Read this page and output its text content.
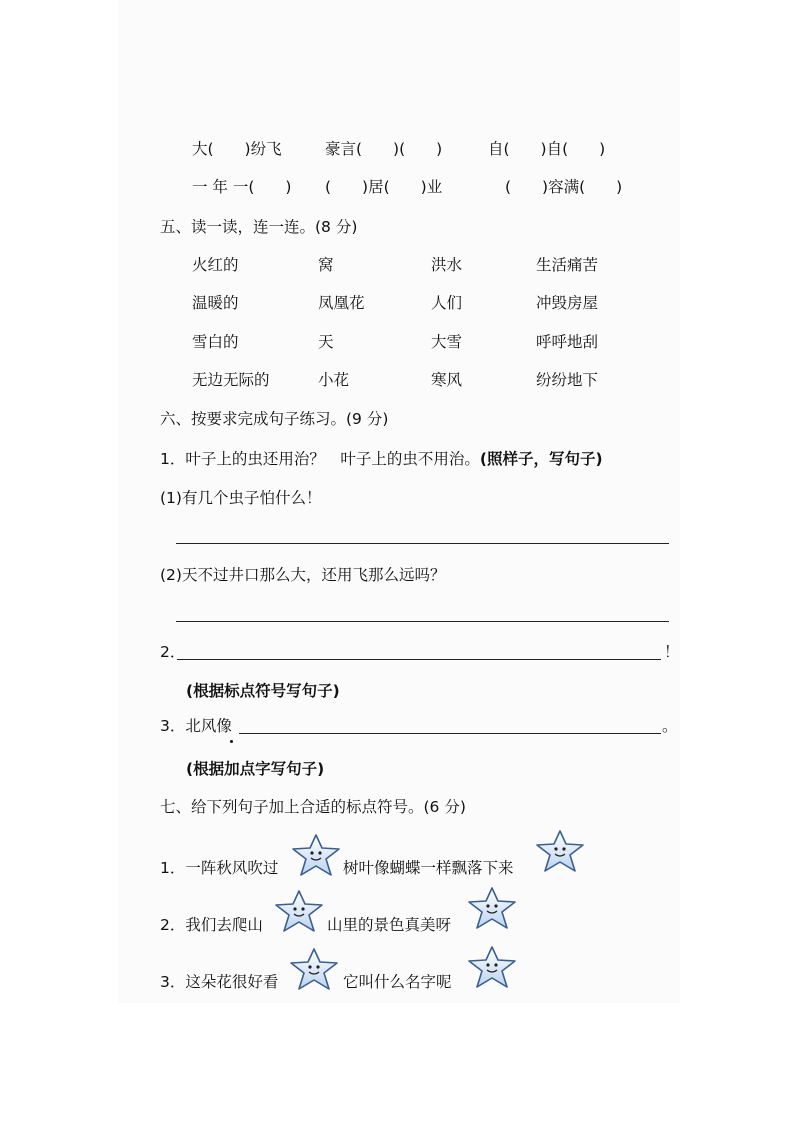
大(　　)纷飞	豪言(　　)(　　)	自(　　)自(　　)
一 年 一(　　) (　　)居(　　)业	(　　)容满(　　)
五、读一读，连一连。(8 分)
火红的	窝	洪水	生活痛苦
温暖的	凤凰花	人们	冲毁房屋
雪白的	天	大雪	呼呼地刮
无边无际的	小花	寒风	纷纷地下
六、按要求完成句子练习。(9 分)
1．叶子上的虫还用治？　叶子上的虫不用治。(照样子，写句子)
(1)有几个虫子怕什么！
(2)天不过井口那么大，还用飞那么远吗？
2．	！
(根据标点符号写句子)
3．北风像	。
(根据加点字写句子)
七、给下列句子加上合适的标点符号。(6 分)
1．一阵秋风吹过	树叶像蝴蝶一样飘落下来
2．我们去爬山	山里的景色真美呀
3．这朵花很好看	它叫什么名字呢
